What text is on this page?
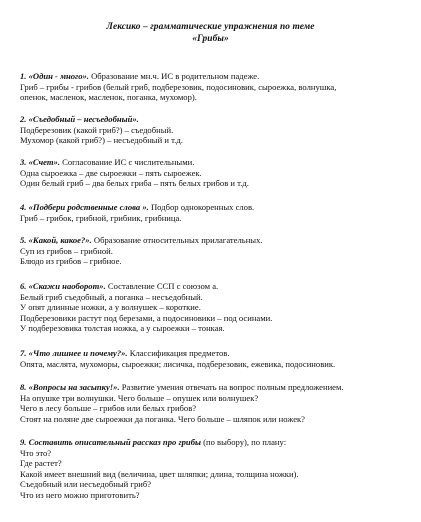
Лексико – грамматические упражнения по теме
«Грибы»
1. «Один - много». Образование мн.ч. ИС в родительном падеже.
Гриб – грибы - грибов (белый гриб, подберезовик, подосиновик, сыроежка, волнушка,
опенок, масленок, масленок, поганка, мухомор).
2. «Съедобный – несъедобный».
Подберезовик (какой гриб?) – съедобный.
Мухомор (какой гриб?) – несъедобный и т.д.
3. «Счет». Согласование ИС с числительными.
Одна сыроежка – две сыроежки – пять сыроежек.
Один белый гриб – два белых гриба – пять белых грибов и т.д.
4. «Подбери родственные слова ». Подбор однокоренных слов.
Гриб – грибок, грибной, грибник, грибница.
5. «Какой, какое?». Образование относительных прилагательных.
Суп из грибов – грибной.
Блюдо из грибов – грибное.
6. «Скажи наоборот». Составление ССП с союзом а.
Белый гриб съедобный, а поганка – несъедобный.
У опят длинные ножки, а у волнушек – короткие.
Подберезовики растут под березами, а подосиновики – под осинами.
У подберезовика толстая ножка, а у сыроежки – тонкая.
7. «Что лишнее и почему?». Классификация предметов.
Опята, маслята, мухоморы, сыроежки; лисичка, подберезовик, ежевика, подосиновик.
8. «Вопросы на засыпку!». Развитие умения отвечать на вопрос полным предложением.
На опушке три волнушки. Чего больше – опушек или волнушек?
Чего в лесу больше – грибов или белых грибов?
Стоят на поляне две сыроежки да поганка. Чего больше – шляпок или ножек?
9. Составить описательный рассказ про грибы (по выбору), по плану:
Что это?
Где растет?
Какой имеет внешний вид (величина, цвет шляпки; длина, толщина ножки).
Съедобный или несъедобный гриб?
Что из него можно приготовить?
